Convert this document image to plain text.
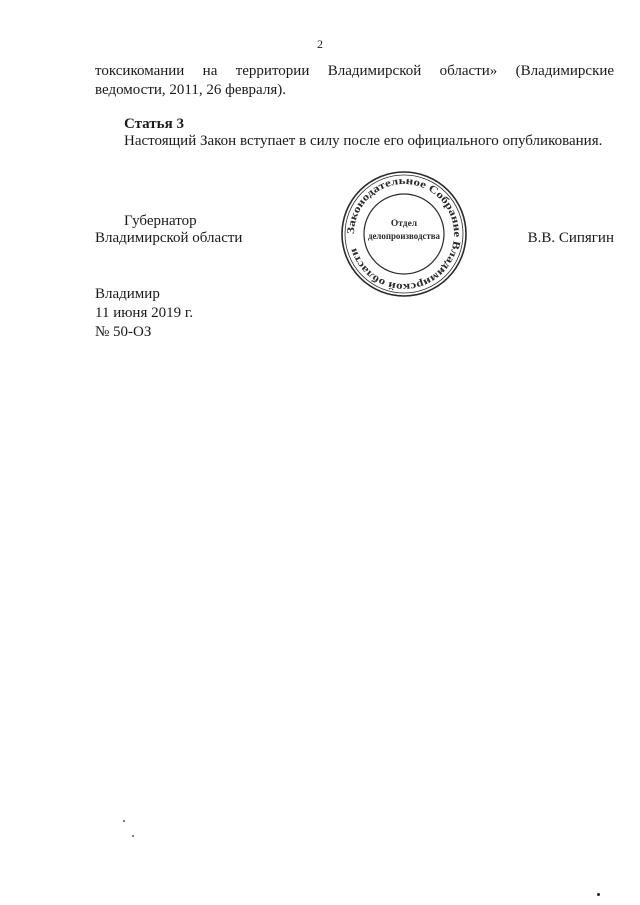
2
токсикомании на территории Владимирской области» (Владимирские
ведомости, 2011, 26 февраля).
Статья 3
Настоящий Закон вступает в силу после его официального опубликования.
Губернатор
Владимирской области	В.В. Сипягин
Законодательное Собрание Влад мирской области
Отдел
делопроизводства
Владимир
11 июня 2019 г.
№ 50-ОЗ
